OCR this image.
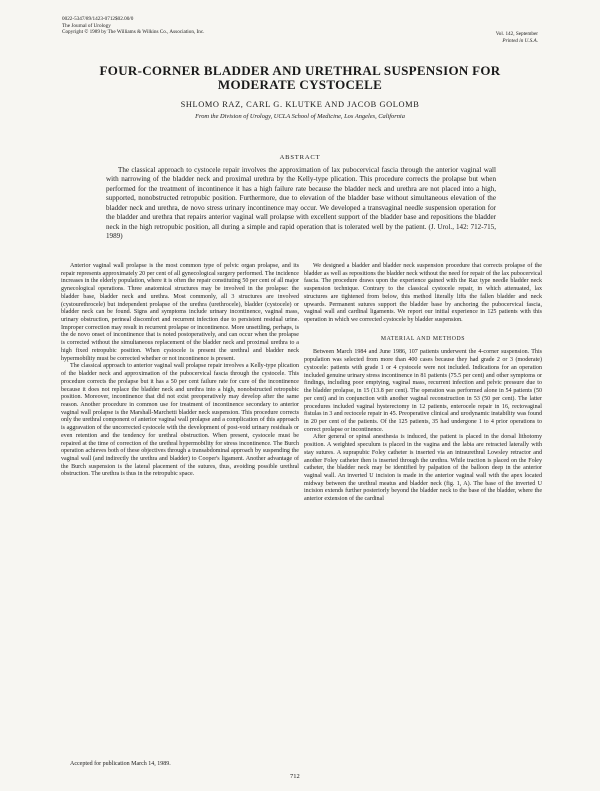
0022-5347/89/1423-0712$02.00/0
The Journal of Urology
Copyright © 1989 by The Williams & Wilkins Co., Association, Inc.	Vol. 142, September
Printed in U.S.A.
FOUR-CORNER BLADDER AND URETHRAL SUSPENSION FOR MODERATE CYSTOCELE
SHLOMO RAZ, CARL G. KLUTKE AND JACOB GOLOMB
From the Division of Urology, UCLA School of Medicine, Los Angeles, California
ABSTRACT

The classical approach to cystocele repair involves the approximation of lax pubocervical fascia through the anterior vaginal wall with narrowing of the bladder neck and proximal urethra by the Kelly-type plication. This procedure corrects the prolapse but when performed for the treatment of incontinence it has a high failure rate because the bladder neck and urethra are not placed into a high, supported, nonobstructed retropubic position. Furthermore, due to elevation of the bladder base without simultaneous elevation of the bladder neck and urethra, de novo stress urinary incontinence may occur. We developed a transvaginal needle suspension operation for the bladder and urethra that repairs anterior vaginal wall prolapse with excellent support of the bladder base and repositions the bladder neck in the high retropubic position, all during a simple and rapid operation that is tolerated well by the patient. (J. Urol., 142: 712-715, 1989)

Anterior vaginal wall prolapse is the most common type of pelvic organ prolapse, and its repair represents approximately 20 per cent of all gynecological surgery performed. The incidence increases in the elderly population, where it is often the repair constituting 50 per cent of all major gynecological operations. Three anatomical structures may be involved in the prolapse: the bladder base, bladder neck and urethra. Most commonly, all 3 structures are involved (cystourethrocele) but independent prolapse of the urethra (urethrocele), bladder (cystocele) or bladder neck can be found. Signs and symptoms include urinary incontinence, vaginal mass, urinary obstruction, perineal discomfort and recurrent infection due to persistent residual urine. Improper correction may result in recurrent prolapse or incontinence. More unsettling, perhaps, is the de novo onset of incontinence that is noted postoperatively, and can occur when the prolapse is corrected without the simultaneous replacement of the bladder neck and proximal urethra to a high fixed retropubic position. When cystocele is present the urethral and bladder neck hypermobility must be corrected whether or not incontinence is present.

The classical approach to anterior vaginal wall prolapse repair involves a Kelly-type plication of the bladder neck and approximation of the pubocervical fascia through the cystocele. This procedure corrects the prolapse but it has a 50 per cent failure rate for cure of the incontinence because it does not replace the bladder neck and urethra into a high, nonobstructed retropubic position. Moreover, incontinence that did not exist preoperatively may develop after the same reason. Another procedure in common use for treatment of incontinence secondary to anterior vaginal wall prolapse is the Marshall-Marchetti bladder neck suspension. This procedure corrects only the urethral component of anterior vaginal wall prolapse and a complication of this approach is aggravation of the uncorrected cystocele with the development of post-void urinary residuals or even retention and the tendency for urethral obstruction. When present, cystocele must be repaired at the time of correction of the urethral hypermobility for stress incontinence. The Burch operation achieves both of these objectives through a transabdominal approach by suspending the vaginal wall (and indirectly the urethra and bladder) to Cooper's ligament. Another advantage of the Burch suspension is the lateral placement of the sutures, thus, avoiding possible urethral obstruction. The urethra is thus in the retropubic space.

We designed a bladder and bladder neck suspension procedure that corrects prolapse of the bladder as well as repositions the bladder neck without the need for repair of the lax pubocervical fascia. The procedure draws upon the experience gained with the Raz type needle bladder neck suspension technique. Contrary to the classical cystocele repair, in which attenuated, lax structures are tightened from below, this method literally lifts the fallen bladder and neck upwards. Permanent sutures support the bladder base by anchoring the pubocervical fascia, vaginal wall and cardinal ligaments. We report our initial experience in 125 patients with this operation in which we corrected cystocele by bladder suspension.

MATERIAL AND METHODS

Between March 1984 and June 1986, 107 patients underwent the 4-corner suspension. This population was selected from more than 400 cases because they had grade 2 or 3 (moderate) cystocele: patients with grade 1 or 4 cystocele were not included. Indications for an operation included genuine urinary stress incontinence in 81 patients (75.5 per cent) and other symptoms or findings, including poor emptying, vaginal mass, recurrent infection and pelvic pressure due to the bladder prolapse, in 15 (13.8 per cent). The operation was performed alone in 54 patients (50 per cent) and in conjunction with another vaginal reconstruction in 53 (50 per cent). The latter procedures included vaginal hysterectomy in 12 patients, enterocele repair in 16, rectovaginal fistulas in 3 and rectocele repair in 45. Preoperative clinical and urodynamic instability was found in 20 per cent of the patients. Of the 125 patients, 35 had undergone 1 to 4 prior operations to correct prolapse or incontinence.

After general or spinal anesthesia is induced, the patient is placed in the dorsal lithotomy position. A weighted speculum is placed in the vagina and the labia are retracted laterally with stay sutures. A suprapubic Foley catheter is inserted via an intraurethral Lowsley retractor and another Foley catheter then is inserted through the urethra. While traction is placed on the Foley catheter, the bladder neck may be identified by palpation of the balloon deep in the anterior vaginal wall. An inverted U incision is made in the anterior vaginal wall with the apex located midway between the urethral meatus and bladder neck (fig. 1, A). The base of the inverted U incision extends further posteriorly beyond the bladder neck to the base of the bladder, where the anterior extension of the cardinal

Accepted for publication March 14, 1989.
712
